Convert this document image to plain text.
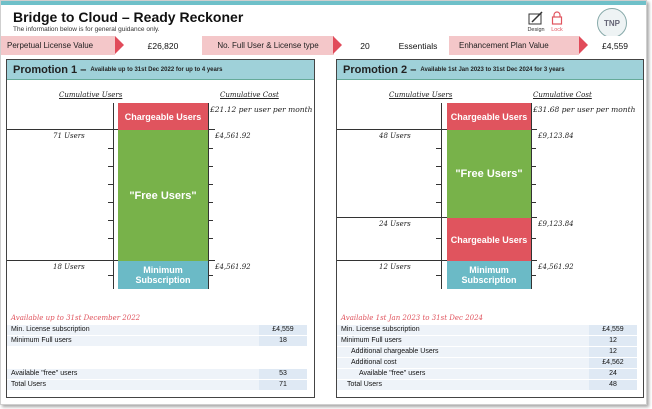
Bridge to Cloud – Ready Reckoner
The information below is for general guidance only.	Design	Lock
TNP
Perpetual License Value	£26,820	No. Full User & License type	20	Essentials	Enhancement Plan Value	£4,559
Promotion 1 – Available up to 31st Dec 2022 for up to 4 years
Cumulative Users	Cumulative Cost
Chargeable Users
"Free Users"
Minimum Subscription
£21.12 per user per month
71 Users	£4,561.92
18 Users	£4,561.92
Available up to 31st December 2022
Min. License subscription	£4,559
Minimum Full users	18
Available "free" users	53
Total Users	71
Promotion 2 – Available 1st Jan 2023 to 31st Dec 2024 for 3 years
Cumulative Users	Cumulative Cost
Chargeable Users
"Free Users"
Chargeable Users
Minimum Subscription
£31.68 per user per month
48 Users	£9,123.84
24 Users	£9,123.84
12 Users	£4,561.92
Available 1st Jan 2023 to 31st Dec 2024
Min. License subscription	£4,559
Minimum Full users	12
Additional chargeable Users	12
Additional cost	£4,562
Available "free" users	24
Total Users	48
